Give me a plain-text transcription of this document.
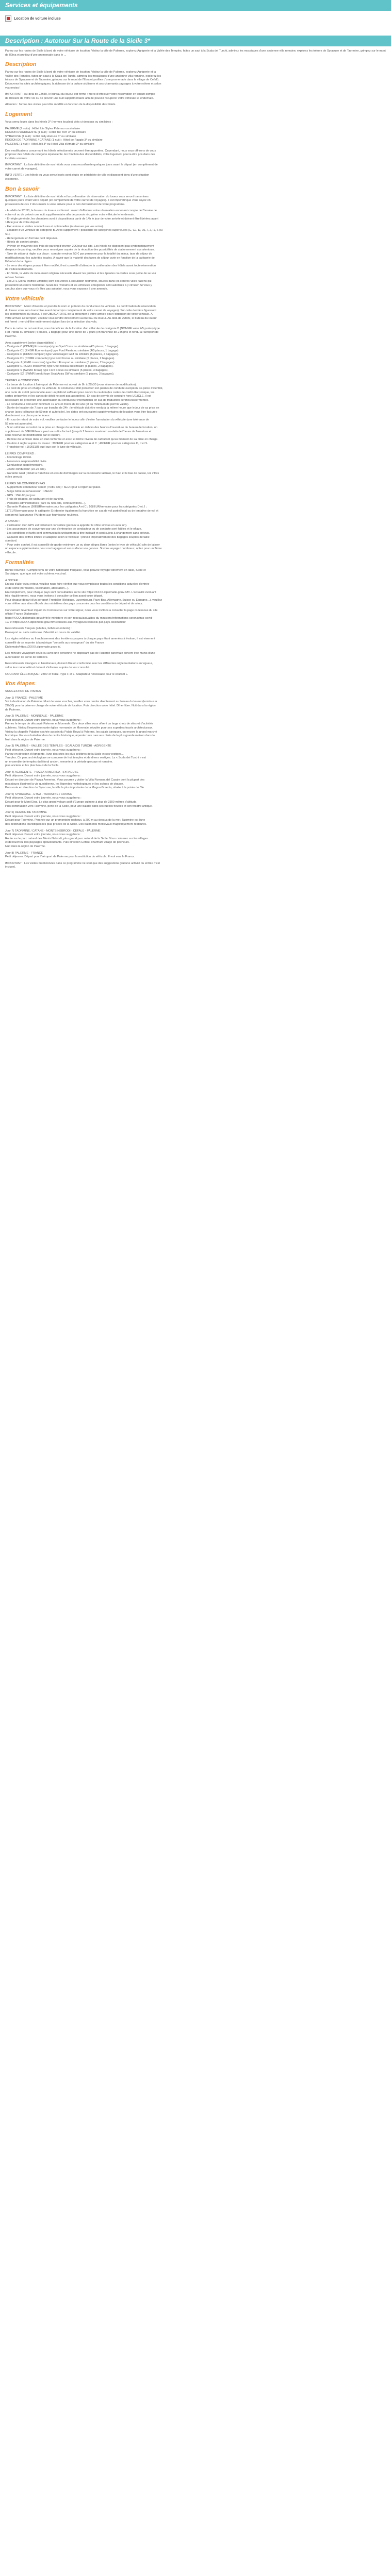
Services et équipements
Location de voiture incluse
Description : Autotour Sur la Route de la Sicile 3*

Partez sur les routes de Sicile à bord de votre véhicule de location. Visitez la ville de Palerme, explorez Agrigente et la Vallée des Temples, faites un saut à la Scala dei Turchi, admirez les mosaïques d'une ancienne villa romaine, explorez les trésors de Syracuse et de Taormine, grimpez sur le mont de l'Etna et profitez d'une promenade dans le ...

Description
Partez sur les routes de Sicile à bord de votre véhicule de location. Visitez la ville de Palerme, explorez Agrigente et la
Vallée des Temples, faites un saut à la Scala dei Turchi, admirez les mosaïques d'une ancienne villa romaine, explorez les
trésors de Syracuse et de Taormine, grimpez sur le mont de l'Etna et profitez d'une promenade dans le village de Cefalù.
Découvrez les cités archéologiques, la richesse de la culture sicilienne et ses charmants paysages à votre rythme et selon
vos envies !
IMPORTANT : Au-delà de 22h30, le bureau du loueur est fermé : merci d'effectuer votre réservation en tenant compte
de l'horaire de votre vol ou de prévoir une nuit supplémentaire afin de pouvoir récupérer votre véhicule le lendemain.
Attention : l'ordre des visites peut être modifié en fonction de la disponibilité des hôtels.
Logement
Vous serez logés dans les hôtels 3* (normes locales) cités ci-dessous ou similaires :
PALERME (2 nuits) : Hôtel Ibis Styles Palermo ou similaire
REGION D'AGRIGENTE (1 nuit) : Hôtel Tre Torri 3* ou similaire
SYRACUSE (1 nuit) : Hôtel Jolly Aretusa 3* ou similaire
REGION DE TAORMINE / CATANE (1 nuit) : Hôtel de Paggio 3* ou similaire
PALERME (1 nuit) : Hôtel Joli 3* ou Hôtel Villa d'Amato 3* ou similaire
Des modifications concernant les hôtels sélectionnés peuvent être apportées. Cependant, nous vous offrirons de vous
proposer des hôtels de catégorie équivalente. En fonction des disponibilités, votre logement pourra être pris dans des
localités voisines.
IMPORTANT : La liste définitive de vos hôtels vous sera reconfirmée quelques jours avant le départ (en complément de
votre carnet de voyages).
INFO VERTE : Les hôtels ou vous serez logés sont situés en périphérie de ville et disposent donc d'une situation
excentrée.
Bon à savoir
IMPORTANT : La liste définitive de vos hôtels et la confirmation de réservation du loueur vous seront transmises
quelques jours avant votre départ (en complément de votre carnet de voyages). Il est impératif que vous soyez en
possession de ces 2 documents à votre arrivée pour le bon déroulement de votre programme.
- Au-delà de 22h30, le bureau du loueur est fermé : merci d'effectuer votre réservation en tenant compte de l'horaire de
votre vol ou de prévoir une nuit supplémentaire afin de pouvoir récupérer votre véhicule le lendemain.
- En règle générale, les chambres sont à disposition à partir de 14h le jour de votre arrivée et doivent être libérées avant
11h le jour de votre départ.
- Excursions et visites non incluses et optionnelles (à réserver par vos soins).
- Location d'un véhicule de catégorie B. Avec supplément : possibilité de catégories supérieures (C, C1, D, D1, I, J, I1, S ou
S1).
- Hébergement en formule petit déjeuner.
- Hôtels de confort simple.
- Prévoir en moyenne des frais de parking d'environ 20€/jour sur site. Les hôtels ne disposent pas systématiquement
d'espace de parking, veuillez vous renseigner auprès de la réception des possibilités de stationnement aux alentours.
- Taxe de séjour à régler sur place : compter environ 2/3 € par personne pour la totalité du séjour, taxe de séjour de
modification par les autorités locales. A savoir que la majorité des taxes de séjour varie en fonction de la catégorie de
l'hôtel et de la région.
- Le sens des étapes pouvant être modifié, il est conseillé d'attendre la confirmation des hôtels avant toute réservation
de visites/restaurants.
- En Sicile, la visite de monument religieux nécessite d'avoir les jambes et les épaules couvertes sous peine de se voir
refuser l'entrée.
- Les ZTL (Zona Traffico Limitato) sont des zones à circulation restreinte, situées dans les centres-villes italiens qui
possèdent un centre historique. Seuls les riverains et les véhicules enregistrés sont autorisés à y circuler. Si vous y
circulez alors que vous n'y êtes pas autorisé, vous vous exposez à une amende.
Votre véhicule
IMPORTANT : Merci d'inscrire et prendre le nom et prénom du conducteur du véhicule. La confirmation de réservation
du loueur vous sera transmise avant départ (en complément de votre carnet de voyages). Sur cette dernière figureront
les coordonnées du loueur. Il est OBLIGATOIRE de la présenter à votre arrivée pour l'obtention de votre véhicule. A
votre arrivée à l'aéroport, veuillez vous rendre directement au bureau du loueur. Au-delà de 22h30, le bureau du loueur
est fermé : merci d'être entièrement vigilant lors de la sélection des vols.
Dans le cadre de cet autotour, vous bénéficiez de la location d'un véhicule de catégorie B (NOMME voire 4/5 portes) type
Fiat Panda ou similaire (4 places, 1 bagage) pour une durée de 7 jours (en franchise de 24h pris et rendu à l'aéroport de
Palerme.
Avec supplément (selon disponibilités) :
- Catégorie C (CDMR) Economique) type Opel Corsa ou similaire (4/5 places, 1 bagage).
- Catégorie C1 (EHGR Economique) type Ford Fiesta ou similaire (4/5 places, 1 bagage).
- Catégorie D (CDMR compact) type Volkswagen Golf ou similaire (5 places, 2 bagages).
- Catégorie D1 (CDMR compacte) type Ford Focus ou similaire (5 places, 2 bagages).
- Catégorie J (IGMR crossover) type Ford Ecosport ou similaire (5 places, 2 bagages).
- Catégorie I1 (IGMR crossover) type Opel Mokka ou similaire (5 places, 2 bagages).
- Catégorie S (SWMR break) type Ford Focus ou similaire (5 places, 3 bagages).
- Catégorie S2 (SWMR break) type Seat Astra SW ou similaire (5 places, 3 bagages).
TERMES & CONDITIONS :
- La tenue de location à l'aéroport de Palerme est ouvert de 8h à 22h30 (vous réserve de modification).
- Le coût de prise en charge du véhicule, le conducteur doit présenter son permis de conduire européen, sa pièce d'identité,
une carte de crédit personnelle avec un plafond suffisant pour couvrir la caution (les cartes de crédit électronique, les
cartes prépayées et les cartes de débit ne sont pas acceptées). En cas de permis de conduire hors UE/ICLE, il est
nécessaire de présenter une autorisation du conducteur international en sus de traduction certifiée/assermentée.
- Le conducteur doit avoir minimum 19 ans et moins de 80 ans (et au minimum de permis valide).
- Durée de location de 7 jours par tranche de 24h : le véhicule doit être rendu à la même heure que le jour de sa prise en
charge (avec tolérance de 59 min et autorisée), les dates ont pourraient supplémentaires de location vous être facturée
directement sur place par le loueur.
- En cas de retard de votre vol, veuillez contacter le loueur afin d'éviter l'annulation du véhicule (une tolérance de
59 min est autorisée).
- Si un véhicule est retiré ou la prise en charge du véhicule en dehors des heures d'ouverture du bureau de location, un
supplément de 50EUR/heure peut vous être facturé (jusqu'à 2 heures maximum au-delà de l'heure de fermeture et
sous réserve de modification par le loueur).
- Remise du véhicule dans un état conforme et avec le même niveau de carburant qu'au moment de sa prise en charge.
- Caution à régler auprès du loueur : 300EUR pour les catégories A et C ; 400EUR pour les catégories D, J et S.
- Franchise vol : 1600EUR quel que soit le type de véhicule.
LE PRIX COMPREND :
- Kilométrage illimité.
- Assurance responsabilité civile.
- Conducteur supplémentaire.
- Jeune conducteur (19-25 ans).
- Garantie Gold (réduit la franchise en cas de dommages sur la carrosserie latérale, le haut et le bas de caisse, les vitres
et les pneus).
LE PRIX NE COMPREND PAS :
- Supplément conducteur senior (70/80 ans) : 6EUR/jour à régler sur place.
- Siège bébé ou rehausseur : 15EUR.
- GPS : 15EUR par jour.
- Frais de péages, de carburant et de parking.
- Pénalités administratives (parc ou non-dits, contraventions...).
- Garantie Platinum (99EUR/semaine pour les catégories A et C ; 108EUR/semaine pour les catégories D et J ;
117EUR/semaine pour le catégorie S) (dernier également la franchise en cas de vol partiel/total ou de tentative de vol et
comprend l'assurance PAI demi aux fournisseur roulières.
A SAVOIR :
- L'utilisation d'un GPS est fortement conseillée (pensez à apporter le vôtre si vous en avez un).
- Les assurances de couverture par une d'entreprise de conducteur ou de conduite sont faibles et le oflage.
- Les conditions et tarifs sont communiqués uniquement à titre indicatif et sont sujets à changement sans préavis.
- Capacité des coffres limitée et adaptée selon le véhicule : prévoir impérativement des bagages souples de taille
standard.
- Pour votre confort, il est conseillé de garder minimum un ou deux sièges libres (selon le type de véhicule) afin de laisser
un espace supplémentaire pour vos bagages et son surfacer vos genoux. Si vous voyagez nombreux, optez pour un 2ème
véhicule.
Formalités
Bonne nouvelle : Compte tenu de votre nationalité française, vous pouvez voyager librement en Italie, Sicile et
Sardaigne, quel que soit votre schéma vaccinal.
A NOTER :
En cas d'aller et/ou retour, veuillez nous faire vérifier que vous remplissez toutes les conditions actuelles d'entrée
et de sortie (formalités, vaccination, attestation...).
En complément, pour chaque pays sont consultables sur le site https://XXXX.diplomatie.gouv.fr/fr/. L'actualité évoluant
très régulièrement, nous vous invitons à consulter ce lien avant votre départ.
Pour chaque départ d'un aéroport Frontalier (Belgique, Luxembourg, Pays-Bas, Allemagne, Suisse ou Espagne...), veuillez
vous référer aux sites officiels des ministères des pays concernés pour les conditions de départ et de retour.
Concernant l'éventuel impact du Coronavirus sur votre séjour, nous vous invitons à consulter la page ci-dessous du site
officiel France Diplomatie :
https://XXXX.diplomatie.gouv.fr/fr/le-ministere-et-son-reseau/actualites-du-ministere/informations-coronavirus-covid-
19/ et https://XXXX.diplomatie.gouv.fr/fr/conseils-aux-voyageurs/conseils-par-pays-destination/
Ressortissants français (adultes, bébés et enfants) :
Passeport ou carte nationale d'identité en cours de validité.
Les règles relatives au franchissement des frontières propres à chaque pays étant amenées à évoluer, il est vivement
conseillé de se reporter à la rubrique "conseils aux voyageurs" du site France
Diplomatie/https://XXXX.diplomatie.gouv.fr/.
Les mineurs voyageant seuls ou avec une personne ne disposant pas de l'autorité parentale doivent être munis d'une
autorisation de sortie de territoire.
Ressortissants étrangers et binationaux, doivent être en conformité avec les différentes réglementations en vigueur,
selon leur nationalité et doivent s'informer auprès de leur consulat.
COURANT ÉLECTRIQUE : 230V et 50Hz. Type F et L. Adaptateur nécessaire pour le courant L.
Vos étapes
SUGGESTION DE VISITES
Jour 1) FRANCE - PALERME
Vol à destination de Palerme. Muni de votre voucher, veuillez vous rendre directement au bureau du loueur (terminus à
22h30) pour la prise en charge de votre véhicule de location. Puis direction votre hôtel. Dîner libre. Nuit dans la région
de Palerme.
Jour 2) PALERME - MONREALE - PALERME
Petit déjeuner. Durant votre journée, nous vous suggérons :
Prenez le temps de découvrir Palerme et Monreale. Ces deux villes vous offrent un large choix de sites et d'activités
sublimes. Visitez l'impressionnante église normande de Monreale, réputée pour ses superbes tracés architecturaux.
Visitez la chapelle Palatine cachée au sein du Palais Royal à Palerme, les palais baroques, ou encore la grand marché
historique. En vous baladant dans le centre historique, arpentez ses rues aux côtés de la plus grande maison dans la
Nuit dans la région de Palerme.
Jour 3) PALERME - VALLÉE DES TEMPLES - SCALA DEI TURCHI - AGRIGENTE
Petit déjeuner. Durant votre journée, nous vous suggérons :
Partez en direction d'Agrigente, l'une des cités les plus célèbres de la Sicile et ses vestiges...
Temples. Ce parc archéologique se compose de huit temples et de divers vestiges. La « Scala dei Turchi » est
un ensemble de temples du littoral ancien, remonte à la période grecque et romaine.
plus anciens et les plus beaux de la Sicile.
Jour 4) AGRIGENTE - PIAZZA ARMERINA - SYRACUSE
Petit déjeuner. Durant votre journée, nous vous suggérons :
Départ en direction de Piazza Armerina. Vous pourrez y visiter la Villa Romana del Casale dont la plupart des
mosaïques illustrent la vie quotidienne, les légendes mythologiques et les scènes de chasse.
Puis route en direction de Syracuse, la ville la plus importante de la Magna Graecia, située à la pointe de l'île.
Jour 5) SYRACUSE - ETNA - TAORMINE / CATANE
Petit déjeuner. Durant votre journée, nous vous suggérons :
Départ pour le Mont Etna. Le plus grand volcan actif d'Europe culmine à plus de 3300 mètres d'altitude.
Puis continuation vers Taormine, perle de la Sicile, pour une balade dans ses ruelles fleuries et son théâtre antique.
Jour 6) REGION DE TAORMINE
Petit déjeuner. Durant votre journée, nous vous suggérons :
Départ pour Taormine. Perchée sur un promontoire rocheux, à 200 m au-dessus de la mer, Taormine est l'une
des destinations touristiques les plus prisées de la Sicile. Des bâtiments médiévaux magnifiquement restaurés.
Jour 7) TAORMINE / CATANE - MONTS NEBRODI - CEFALÙ - PALERME
Petit déjeuner. Durant votre journée, nous vous suggérons :
Route sur le parc naturel des Monts Nebrodi, plus grand parc naturel de la Sicile. Vous croiserez sur les villages
et découvrirez des paysages époustouflants. Puis direction Cefalù, charmant village de pêcheurs.
Nuit dans la région de Palerme.
Jour 8) PALERME - FRANCE
Petit déjeuner. Départ pour l'aéroport de Palerme pour la restitution du véhicule. Envol vers la France.
IMPORTANT : Les visites mentionnées dans ce programme ne sont que des suggestions (aucune activité ou entrée n'est
incluse).
